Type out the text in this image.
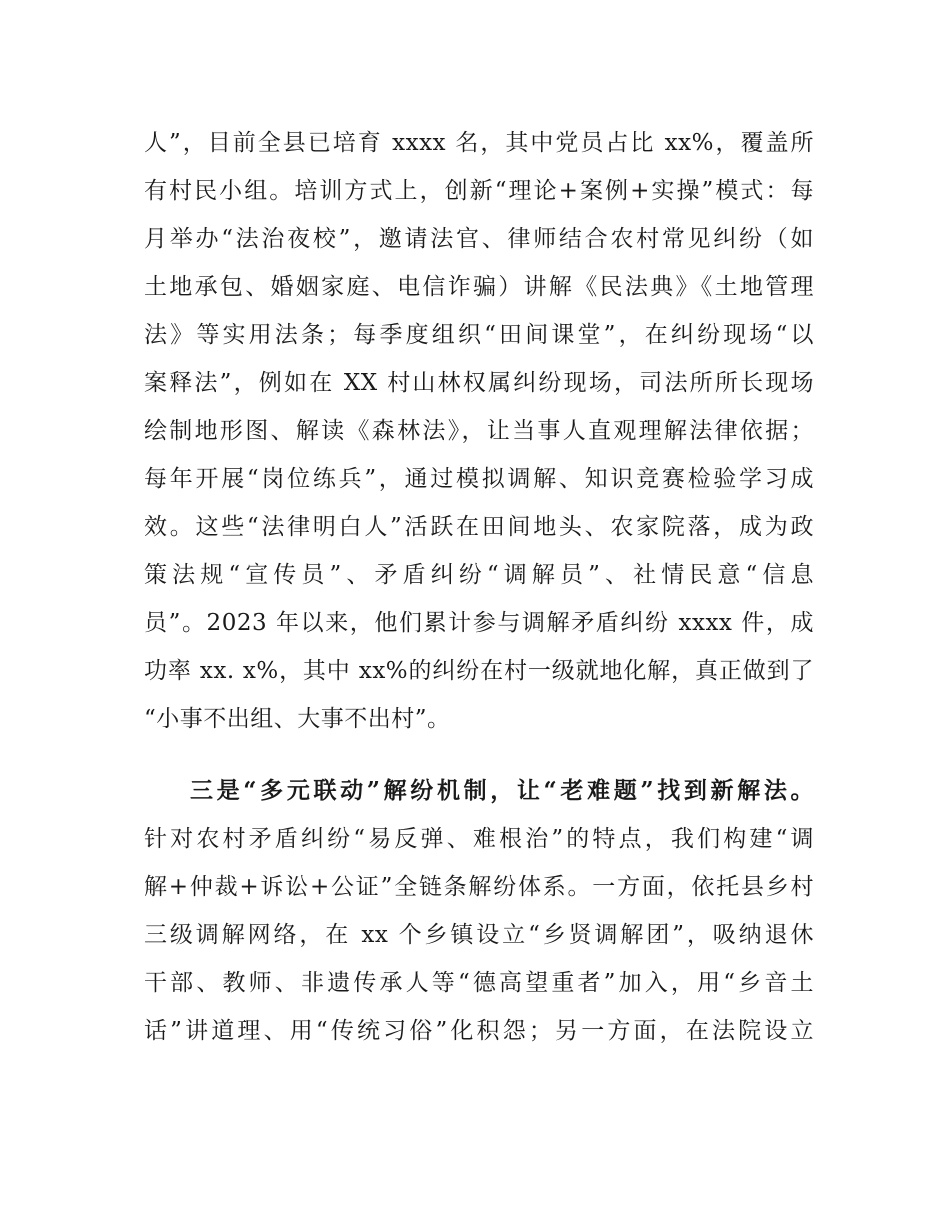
人”，目前全县已培育 xxxx 名，其中党员占比 xx%，覆盖所
有村民小组。培训方式上，创新“理论+案例+实操”模式：每
月举办“法治夜校”，邀请法官、律师结合农村常见纠纷（如
土地承包、婚姻家庭、电信诈骗）讲解《民法典》《土地管理
法》等实用法条；每季度组织“田间课堂”，在纠纷现场“以
案释法”，例如在 XX 村山林权属纠纷现场，司法所所长现场
绘制地形图、解读《森林法》，让当事人直观理解法律依据；
每年开展“岗位练兵”，通过模拟调解、知识竞赛检验学习成
效。这些“法律明白人”活跃在田间地头、农家院落，成为政
策法规“宣传员”、矛盾纠纷“调解员”、社情民意“信息
员”。2023 年以来，他们累计参与调解矛盾纠纷 xxxx 件，成
功率 xx. x%，其中 xx%的纠纷在村一级就地化解，真正做到了
“小事不出组、大事不出村”。
三是“多元联动”解纷机制，让“老难题”找到新解法。
针对农村矛盾纠纷“易反弹、难根治”的特点，我们构建“调
解+仲裁+诉讼+公证”全链条解纷体系。一方面，依托县乡村
三级调解网络，在 xx 个乡镇设立“乡贤调解团”，吸纳退休
干部、教师、非遗传承人等“德高望重者”加入，用“乡音土
话”讲道理、用“传统习俗”化积怨；另一方面，在法院设立
